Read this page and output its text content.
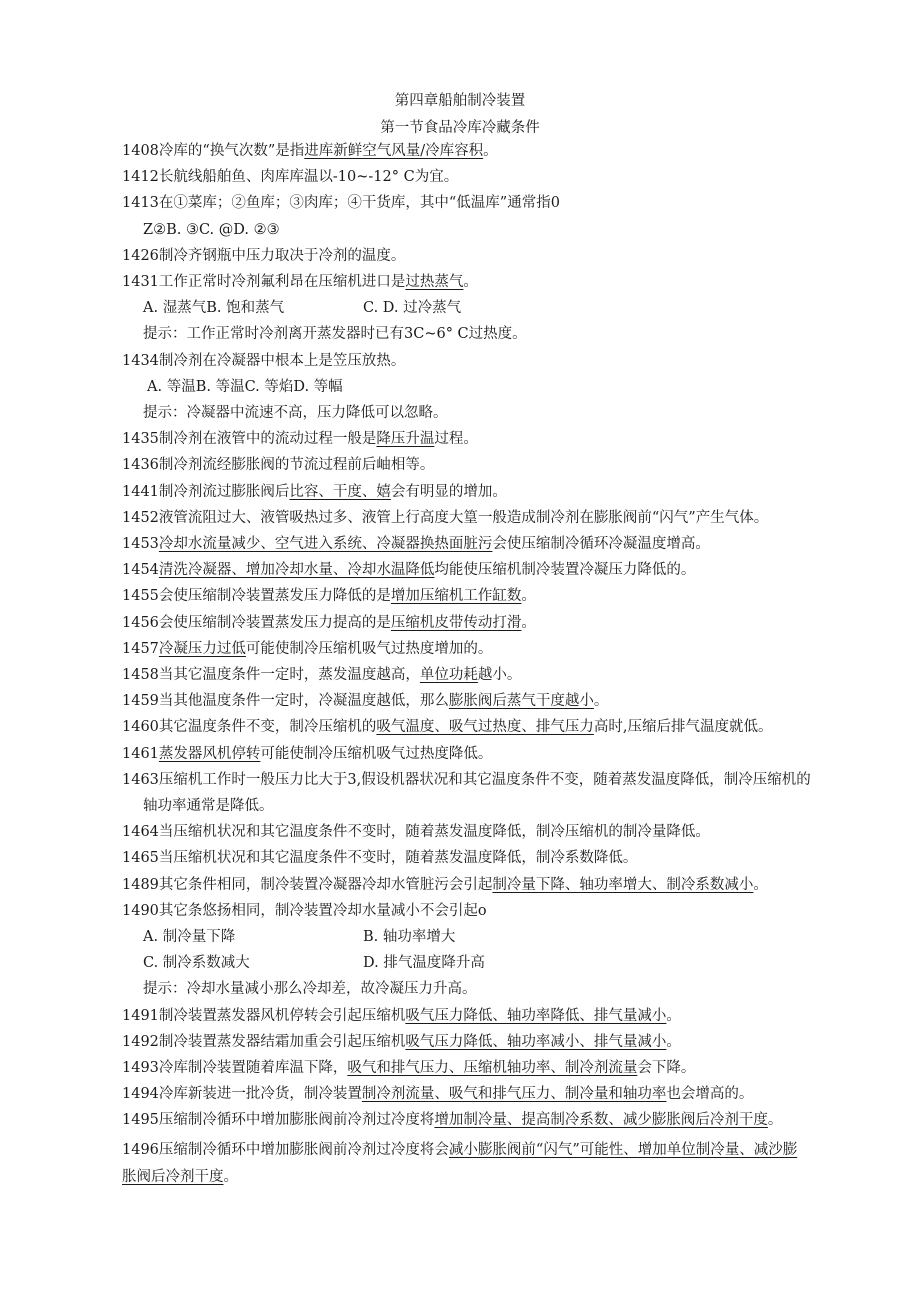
第四章船舶制冷装置
第一节食品冷库冷藏条件
1408冷库的“换气次数”是指进库新鲜空气风量/冷库容积。
1412长航线船舶鱼、肉库库温以-10~-12° C为宜。
1413在①菜库；②鱼库；③肉库；④干货库，其中“低温库”通常指0
Z②B. ③C. @D. ②③
1426制冷齐钢瓶中压力取决于冷剂的温度。
1431工作正常时冷剂氟利昂在压缩机进口是过热蒸气。
A. 湿蒸气B. 饱和蒸气	C. D. 过冷蒸气
提示：工作正常时冷剂离开蒸发器时已有3C~6° C过热度。
1434制冷剂在冷凝器中根本上是笠压放热。
A. 等温B. 等温C. 等焰D. 等幅
提示：冷凝器中流速不高，压力降低可以忽略。
1435制冷剂在液管中的流动过程一般是降压升温过程。
1436制冷剂流经膨胀阀的节流过程前后岫相等。
1441制冷剂流过膨胀阀后比容、干度、嬉会有明显的增加。
1452液管流阻过大、液管吸热过多、液管上行高度大篁一般造成制冷剂在膨胀阀前“闪气”产生气体。
1453冷却水流量减少、空气进入系统、冷凝器换热面脏污会使压缩制冷循环冷凝温度增高。
1454清洗冷凝器、增加冷却水量、冷却水温降低均能使压缩机制冷装置冷凝压力降低的。
1455会使压缩制冷装置蒸发压力降低的是增加压缩机工作缸数。
1456会使压缩制冷装置蒸发压力提高的是压缩机皮带传动打滑。
1457冷凝压力过低可能使制冷压缩机吸气过热度增加的。
1458当其它温度条件一定时，蒸发温度越高，单位功耗越小。
1459当其他温度条件一定时，冷凝温度越低，那么膨胀阀后蒸气干度越小。
1460其它温度条件不变，制冷压缩机的吸气温度、吸气过热度、排气压力高时,压缩后排气温度就低。
1461蒸发器风机停转可能使制冷压缩机吸气过热度降低。
1463压缩机工作时一般压力比大于3,假设机器状况和其它温度条件不变，随着蒸发温度降低，制冷压缩机的
轴功率通常是降低。
1464当压缩机状况和其它温度条件不变时，随着蒸发温度降低，制冷压缩机的制冷量降低。
1465当压缩机状况和其它温度条件不变时，随着蒸发温度降低，制冷系数降低。
1489其它条件相同，制冷装置冷凝器冷却水管脏污会引起制冷量下降、轴功率增大、制冷系数减小。
1490其它条悠扬相同，制冷装置冷却水量减小不会引起o
A. 制冷量下降	B. 轴功率增大
C. 制冷系数减大	D. 排气温度降升高
提示：冷却水量减小那么冷却差，故冷凝压力升高。
1491制冷装置蒸发器风机停转会引起压缩机吸气压力降低、轴功率降低、排气量减小。
1492制冷装置蒸发器结霜加重会引起压缩机吸气压力降低、轴功率减小、排气量减小。
1493冷库制冷装置随着库温下降，吸气和排气压力、压缩机轴功率、制冷剂流量会下降。
1494冷库新装进一批冷货，制冷装置制冷剂流量、吸气和排气压力、制冷量和轴功率也会增高的。
1495压缩制冷循环中增加膨胀阀前冷剂过冷度将增加制冷量、提高制冷系数、减少膨胀阀后冷剂干度。
1496压缩制冷循环中增加膨胀阀前冷剂过冷度将会减小膨胀阀前“闪气”可能性、增加单位制冷量、减沙膨胀阀后冷剂干度。
